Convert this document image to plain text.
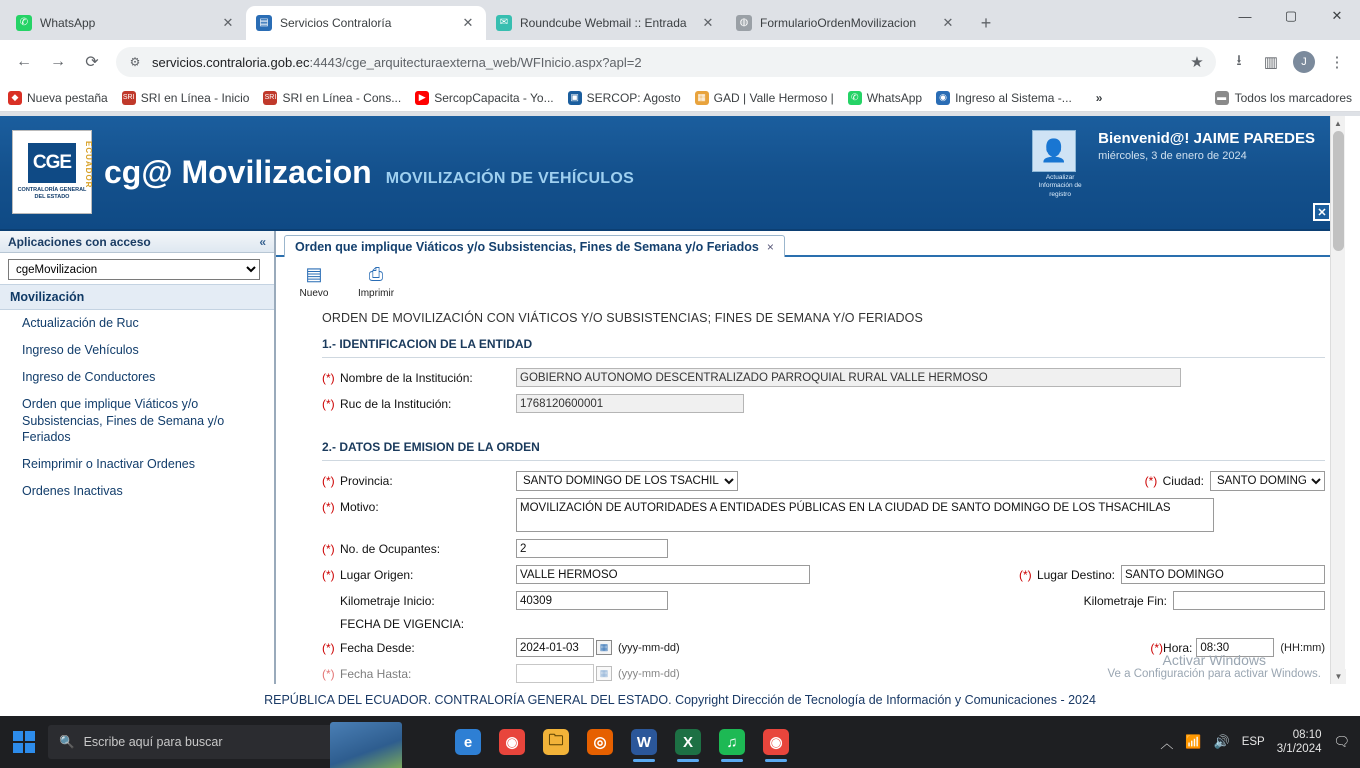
✆ WhatsApp	✕	▤ Servicios Contraloría	✕	✉ Roundcube Webmail :: Entrada	✕	◍ FormularioOrdenMovilizacion	✕	+	—	▢	✕
←	→	⟳	⚙ servicios.contraloria.gob.ec:4443/cge_arquitecturaexterna_web/WFInicio.aspx?apl=2	★	⭳	▥	J	⋮
◆ Nueva pestaña SRI SRI en Línea - Inicio SRI SRI en Línea - Cons...	▶ SercopCapacita - Yo...	▣ SERCOP: Agosto	▦ GAD | Valle Hermoso |	✆ WhatsApp	◉ Ingreso al Sistema -... »	▬ Todos los marcadores
CGE
CONTRALORÍA GENERAL DEL ESTADO
ECUADOR cg@ Movilizacion MOVILIZACIÓN DE VEHÍCULOS
👤
Actualizar Información de registro
Bienvenid@! JAIME PAREDES
miércoles, 3 de enero de 2024
✕
Aplicaciones con acceso	«
cgeMovilizacion
Movilización
Actualización de Ruc
Ingreso de Vehículos
Ingreso de Conductores
Orden que implique Viáticos y/o Subsistencias, Fines de Semana y/o Feriados
Reimprimir o Inactivar Ordenes
Ordenes Inactivas
Orden que implique Viáticos y/o Subsistencias, Fines de Semana y/o Feriados ×
▤
Nuevo
⎙
Imprimir
ORDEN DE MOVILIZACIÓN CON VIÁTICOS Y/O SUBSISTENCIAS; FINES DE SEMANA Y/O FERIADOS
1.- IDENTIFICACION DE LA ENTIDAD
(*) Nombre de la Institución:
GOBIERNO AUTÓNOMO DESCENTRALIZADO PARROQUIAL RURAL VALLE HERMOSO
(*) Ruc de la Institución:
1768120600001
2.- DATOS DE EMISION DE LA ORDEN
(*) Provincia:
SANTO DOMINGO DE LOS TSACHILAS	(*) Ciudad:
SANTO DOMINGO
(*) Motivo:
MOVILIZACIÓN DE AUTORIDADES A ENTIDADES PÚBLICAS EN LA CIUDAD DE SANTO DOMINGO DE LOS THSACHILAS
(*) No. de Ocupantes:
2
(*) Lugar Origen:
VALLE HERMOSO	(*) Lugar Destino:
SANTO DOMINGO
Kilometraje Inicio:
40309	Kilometraje Fin:
FECHA DE VIGENCIA:
(*) Fecha Desde:
2024-01-03	▦ (yyy-mm-dd)	(*) Hora:
08:30	(HH:mm)
(*) Fecha Hasta:	▦ (yyy-mm-dd)
Activar Windows
Ve a Configuración para activar Windows.
▲
▼
REPÚBLICA DEL ECUADOR. CONTRALORÍA GENERAL DEL ESTADO. Copyright Dirección de Tecnología de Información y Comunicaciones - 2024
🔍 Escribe aquí para buscar	e	◉	🗀	◎	W	X	♫	◉	︿ 📶 🔊 ESP
08:10
3/1/2024 🗨
